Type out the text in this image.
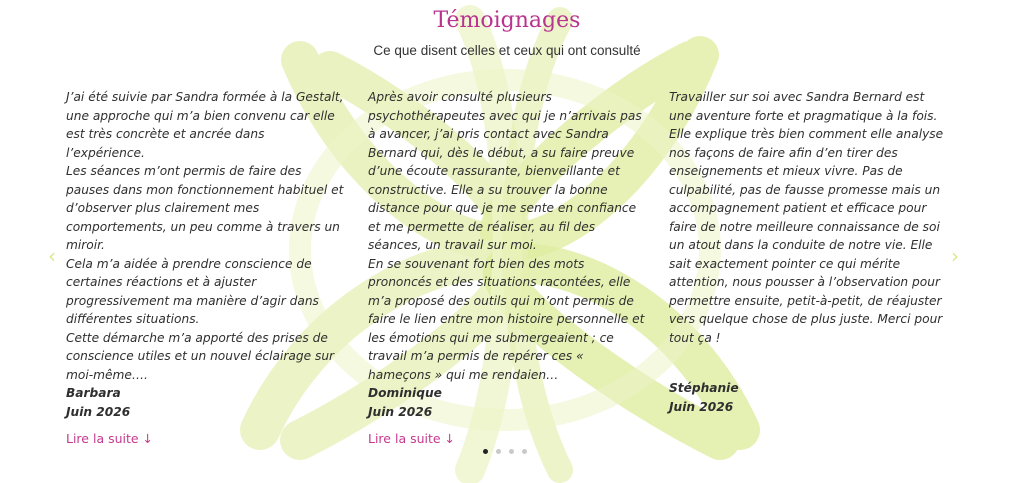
Témoignages
Ce que disent celles et ceux qui ont consulté
‹	›

J’ai été suivie par Sandra formée à la Gestalt, une approche qui m’a bien convenu car elle est très concrète et ancrée dans l’expérience.

Les séances m’ont permis de faire des pauses dans mon fonctionnement habituel et d’observer plus clairement mes comportements, un peu comme à travers un miroir.

Cela m’a aidée à prendre conscience de certaines réactions et à ajuster progressivement ma manière d’agir dans différentes situations.

Cette démarche m’a apporté des prises de conscience utiles et un nouvel éclairage sur moi-même….

Barbara
Juin 2026
Lire la suite ↓

Après avoir consulté plusieurs psychothérapeutes avec qui je n’arrivais pas à avancer, j’ai pris contact avec Sandra Bernard qui, dès le début, a su faire preuve d’une écoute rassurante, bienveillante et constructive. Elle a su trouver la bonne distance pour que je me sente en confiance et me permette de réaliser, au fil des séances, un travail sur moi.

En se souvenant fort bien des mots prononcés et des situations racontées, elle m’a proposé des outils qui m’ont permis de faire le lien entre mon histoire personnelle et les émotions qui me submergeaient ; ce travail m’a permis de repérer ces « hameçons » qui me rendaien…

Dominique
Juin 2026
Lire la suite ↓

Travailler sur soi avec Sandra Bernard est une aventure forte et pragmatique à la fois. Elle explique très bien comment elle analyse nos façons de faire afin d’en tirer des enseignements et mieux vivre. Pas de culpabilité, pas de fausse promesse mais un accompagnement patient et efficace pour faire de notre meilleure connaissance de soi un atout dans la conduite de notre vie. Elle sait exactement pointer ce qui mérite attention, nous pousser à l’observation pour permettre ensuite, petit-à-petit, de réajuster vers quelque chose de plus juste. Merci pour tout ça !

Stéphanie
Juin 2026
